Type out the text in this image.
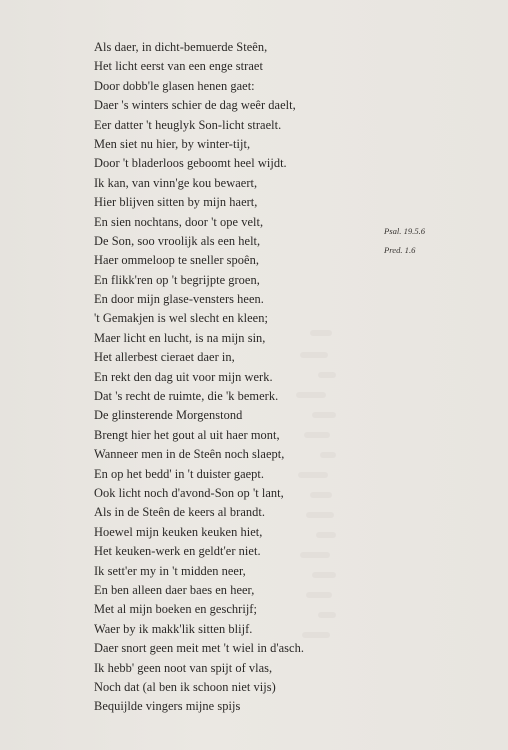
Als daer, in dicht-bemuerde Steên,
Het licht eerst van een enge straet
Door dobb'le glasen henen gaet:
Daer 's winters schier de dag weêr daelt,
Eer datter 't heuglyk Son-licht straelt.
Men siet nu hier, by winter-tijt,
Door 't bladerloos geboomt heel wijdt.
Ik kan, van vinn'ge kou bewaert,
Hier blijven sitten by mijn haert,
En sien nochtans, door 't ope velt,
De Son, soo vroolijk als een helt,
Haer ommeloop te sneller spoên,
En flikk'ren op 't begrijpte groen,
En door mijn glase-vensters heen.
't Gemakjen is wel slecht en kleen;
Maer licht en lucht, is na mijn sin,
Het allerbest cieraet daer in,
En rekt den dag uit voor mijn werk.
Dat 's recht de ruimte, die 'k bemerk.
De glinsterende Morgenstond
Brengt hier het gout al uit haer mont,
Wanneer men in de Steên noch slaept,
En op het bedd' in 't duister gaept.
Ook licht noch d'avond-Son op 't lant,
Als in de Steên de keers al brandt.
Hoewel mijn keuken keuken hiet,
Het keuken-werk en geldt'er niet.
Ik sett'er my in 't midden neer,
En ben alleen daer baes en heer,
Met al mijn boeken en geschrijf;
Waer by ik makk'lik sitten blijf.
Daer snort geen meit met 't wiel in d'asch.
Ik hebb' geen noot van spijt of vlas,
Noch dat (al ben ik schoon niet vijs)
Bequijlde vingers mijne spijs
Psal. 19.5.6
Pred. 1.6
